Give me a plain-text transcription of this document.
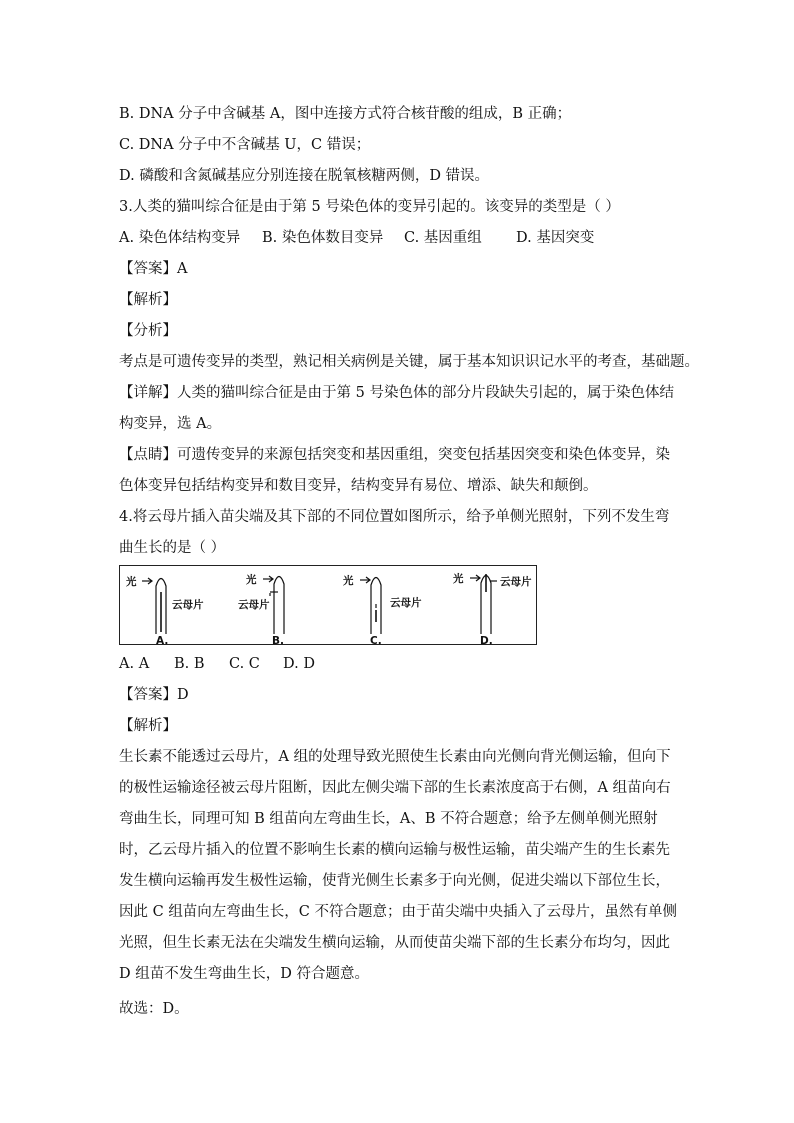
B. DNA 分子中含碱基 A，图中连接方式符合核苷酸的组成，B 正确；
C. DNA 分子中不含碱基 U，C 错误；
D. 磷酸和含氮碱基应分别连接在脱氧核糖两侧，D 错误。
3.人类的猫叫综合征是由于第 5 号染色体的变异引起的。该变异的类型是（ ）
A. 染色体结构变异	B. 染色体数目变异	C. 基因重组	D. 基因突变
【答案】A
【解析】
【分析】
考点是可遗传变异的类型，熟记相关病例是关键，属于基本知识识记水平的考查，基础题。
【详解】人类的猫叫综合征是由于第 5 号染色体的部分片段缺失引起的，属于染色体结构变异，选 A。
【点睛】可遗传变异的来源包括突变和基因重组，突变包括基因突变和染色体变异，染色体变异包括结构变异和数目变异，结构变异有易位、增添、缺失和颠倒。
4.将云母片插入苗尖端及其下部的不同位置如图所示，给予单侧光照射，下列不发生弯曲生长的是（ ）
光
云母片
A.
光
云母片
B.
光
云母片
C.
光	云母片
D.
A. A	B. B	C. C	D. D
【答案】D
【解析】
生长素不能透过云母片，A 组的处理导致光照使生长素由向光侧向背光侧运输，但向下的极性运输途径被云母片阻断，因此左侧尖端下部的生长素浓度高于右侧，A 组苗向右弯曲生长，同理可知 B 组苗向左弯曲生长，A、B 不符合题意；给予左侧单侧光照射时，乙云母片插入的位置不影响生长素的横向运输与极性运输，苗尖端产生的生长素先发生横向运输再发生极性运输，使背光侧生长素多于向光侧，促进尖端以下部位生长，因此 C 组苗向左弯曲生长，C 不符合题意；由于苗尖端中央插入了云母片，虽然有单侧光照，但生长素无法在尖端发生横向运输，从而使苗尖端下部的生长素分布均匀，因此 D 组苗不发生弯曲生长，D 符合题意。
故选：D。
